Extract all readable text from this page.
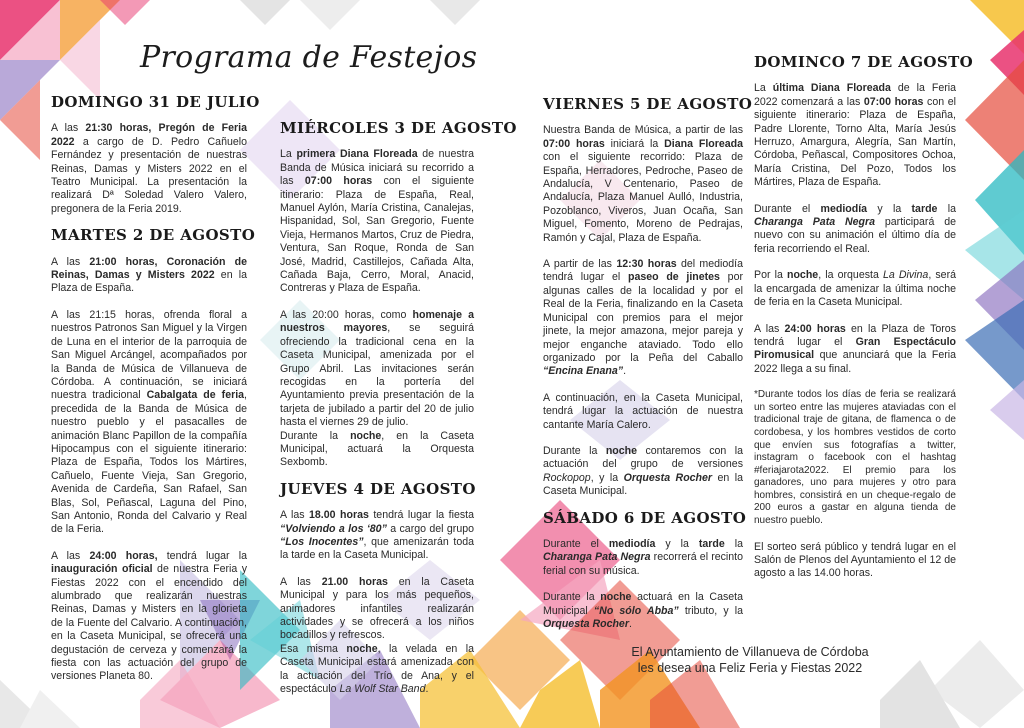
Programa de Festejos
DOMINGO 31 DE JULIO

A las 21:30 horas, Pregón de Feria 2022 a cargo de D. Pedro Cañuelo Fernández y presentación de nuestras Reinas, Damas y Misters 2022 en el Teatro Municipal. La presentación la realizará Dª Soledad Valero Valero, pregonera de la Feria 2019.

MARTES 2 DE AGOSTO

A las 21:00 horas, Coronación de Reinas, Damas y Misters 2022 en la Plaza de España.

A las 21:15 horas, ofrenda floral a nuestros Patronos San Miguel y la Virgen de Luna en el interior de la parroquia de San Miguel Arcángel, acompañados por la Banda de Música de Villanueva de Córdoba. A continuación, se iniciará nuestra tradicional Cabalgata de feria, precedida de la Banda de Música de nuestro pueblo y el pasacalles de animación Blanc Papillon de la compañía Hipocampus con el siguiente itinerario: Plaza de España, Todos los Mártires, Cañuelo, Fuente Vieja, San Gregorio, Avenida de Cardeña, San Rafael, San Blas, Sol, Peñascal, Laguna del Pino, San Antonio, Ronda del Calvario y Real de la Feria.

A las 24:00 horas, tendrá lugar la inauguración oficial de nuestra Feria y Fiestas 2022 con el encendido del alumbrado que realizarán nuestras Reinas, Damas y Misters en la glorieta de la Fuente del Calvario. A continuación, en la Caseta Municipal, se ofrecerá una degustación de cerveza y comenzará la fiesta con las actuación del grupo de versiones Planeta 80.

MIÉRCOLES 3 DE AGOSTO

La primera Diana Floreada de nuestra Banda de Música iniciará su recorrido a las 07:00 horas con el siguiente itinerario: Plaza de España, Real, Manuel Aylón, María Cristina, Canalejas, Hispanidad, Sol, San Gregorio, Fuente Vieja, Hermanos Martos, Cruz de Piedra, Ventura, San Roque, Ronda de San José, Madrid, Castillejos, Cañada Alta, Cañada Baja, Cerro, Moral, Anacid, Contreras y Plaza de España.

A las 20:00 horas, como homenaje a nuestros mayores, se seguirá ofreciendo la tradicional cena en la Caseta Municipal, amenizada por el Grupo Abril. Las invitaciones serán recogidas en la portería del Ayuntamiento previa presentación de la tarjeta de jubilado a partir del 20 de julio hasta el viernes 29 de julio.

Durante la noche, en la Caseta Municipal, actuará la Orquesta Sexbomb.

JUEVES 4 DE AGOSTO

A las 18.00 horas tendrá lugar la fiesta “Volviendo a los ‘80” a cargo del grupo “Los Inocentes”, que amenizarán toda la tarde en la Caseta Municipal.

A las 21.00 horas en la Caseta Municipal y para los más pequeños, animadores infantiles realizarán actividades y se ofrecerá a los niños bocadillos y refrescos.

Esa misma noche, la velada en la Caseta Municipal estará amenizada con la actuación del Trío de Ana, y el espectáculo La Wolf Star Band.

VIERNES 5 DE AGOSTO

Nuestra Banda de Música, a partir de las 07:00 horas iniciará la Diana Floreada con el siguiente recorrido: Plaza de España, Herradores, Pedroche, Paseo de Andalucía, V Centenario, Paseo de Andalucía, Plaza Manuel Aulló, Industria, Pozoblanco, Viveros, Juan Ocaña, San Miguel, Fomento, Moreno de Pedrajas, Ramón y Cajal, Plaza de España.

A partir de las 12:30 horas del mediodía tendrá lugar el paseo de jinetes por algunas calles de la localidad y por el Real de la Feria, finalizando en la Caseta Municipal con premios para el mejor jinete, la mejor amazona, mejor pareja y mejor enganche ataviado. Todo ello organizado por la Peña del Caballo “Encina Enana”.

A continuación, en la Caseta Municipal, tendrá lugar la actuación de nuestra cantante María Calero.

Durante la noche contaremos con la actuación del grupo de versiones Rockopop, y la Orquesta Rocher en la Caseta Municipal.

SÁBADO 6 DE AGOSTO

Durante el mediodía y la tarde la Charanga Pata Negra recorrerá el recinto ferial con su música.

Durante la noche actuará en la Caseta Municipal “No sólo Abba” tributo, y la Orquesta Rocher.

DOMINCO 7 DE AGOSTO

La última Diana Floreada de la Feria 2022 comenzará a las 07:00 horas con el siguiente itinerario: Plaza de España, Padre Llorente, Torno Alta, María Jesús Herruzo, Amargura, Alegría, San Martín, Córdoba, Peñascal, Compositores Ochoa, María Cristina, Del Pozo, Todos los Mártires, Plaza de España.

Durante el mediodía y la tarde la Charanga Pata Negra participará de nuevo con su animación el último día de feria recorriendo el Real.

Por la noche, la orquesta La Divina, será la encargada de amenizar la última noche de feria en la Caseta Municipal.

A las 24:00 horas en la Plaza de Toros tendrá lugar el Gran Espectáculo Piromusical que anunciará que la Feria 2022 llega a su final.

*Durante todos los días de feria se realizará un sorteo entre las mujeres ataviadas con el tradicional traje de gitana, de flamenca o de cordobesa, y los hombres vestidos de corto que envíen sus fotografías a twitter, instagram o facebook con el hashtag #feriajarota2022. El premio para los ganadores, uno para mujeres y otro para hombres, consistirá en un cheque-regalo de 200 euros a gastar en alguna tienda de nuestro pueblo.

El sorteo será público y tendrá lugar en el Salón de Plenos del Ayuntamiento el 12 de agosto a las 14.00 horas.

El Ayuntamiento de Villanueva de Córdoba
les desea una Feliz Feria y Fiestas 2022
